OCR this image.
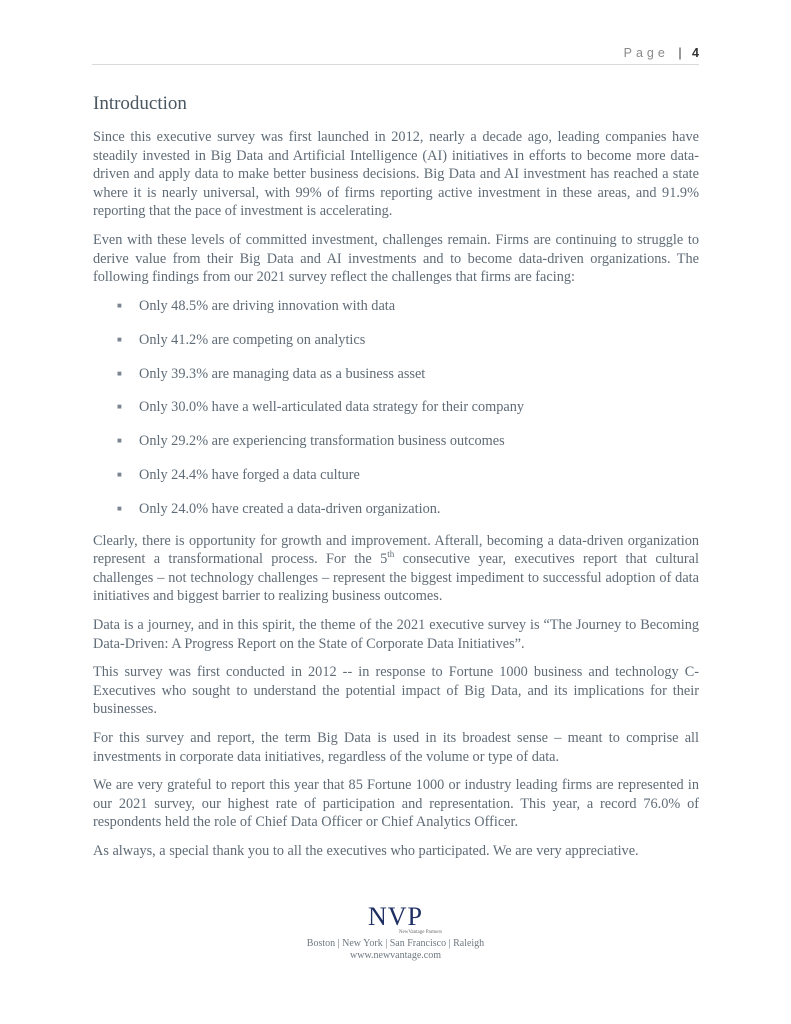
Page | 4
Introduction

Since this executive survey was first launched in 2012, nearly a decade ago, leading companies have steadily invested in Big Data and Artificial Intelligence (AI) initiatives in efforts to become more data-driven and apply data to make better business decisions. Big Data and AI investment has reached a state where it is nearly universal, with 99% of firms reporting active investment in these areas, and 91.9% reporting that the pace of investment is accelerating.

Even with these levels of committed investment, challenges remain. Firms are continuing to struggle to derive value from their Big Data and AI investments and to become data-driven organizations. The following findings from our 2021 survey reflect the challenges that firms are facing:

■	Only 48.5% are driving innovation with data
■	Only 41.2% are competing on analytics
■	Only 39.3% are managing data as a business asset
■	Only 30.0% have a well-articulated data strategy for their company
■	Only 29.2% are experiencing transformation business outcomes
■	Only 24.4% have forged a data culture
■	Only 24.0% have created a data-driven organization.

Clearly, there is opportunity for growth and improvement. Afterall, becoming a data-driven organization represent a transformational process. For the 5th consecutive year, executives report that cultural challenges – not technology challenges – represent the biggest impediment to successful adoption of data initiatives and biggest barrier to realizing business outcomes.

Data is a journey, and in this spirit, the theme of the 2021 executive survey is “The Journey to Becoming Data-Driven: A Progress Report on the State of Corporate Data Initiatives”.

This survey was first conducted in 2012 -- in response to Fortune 1000 business and technology C-Executives who sought to understand the potential impact of Big Data, and its implications for their businesses.

For this survey and report, the term Big Data is used in its broadest sense – meant to comprise all investments in corporate data initiatives, regardless of the volume or type of data.

We are very grateful to report this year that 85 Fortune 1000 or industry leading firms are represented in our 2021 survey, our highest rate of participation and representation. This year, a record 76.0% of respondents held the role of Chief Data Officer or Chief Analytics Officer.

As always, a special thank you to all the executives who participated. We are very appreciative.

NVP
NewVantage Partners
Boston | New York | San Francisco | Raleigh
www.newvantage.com
